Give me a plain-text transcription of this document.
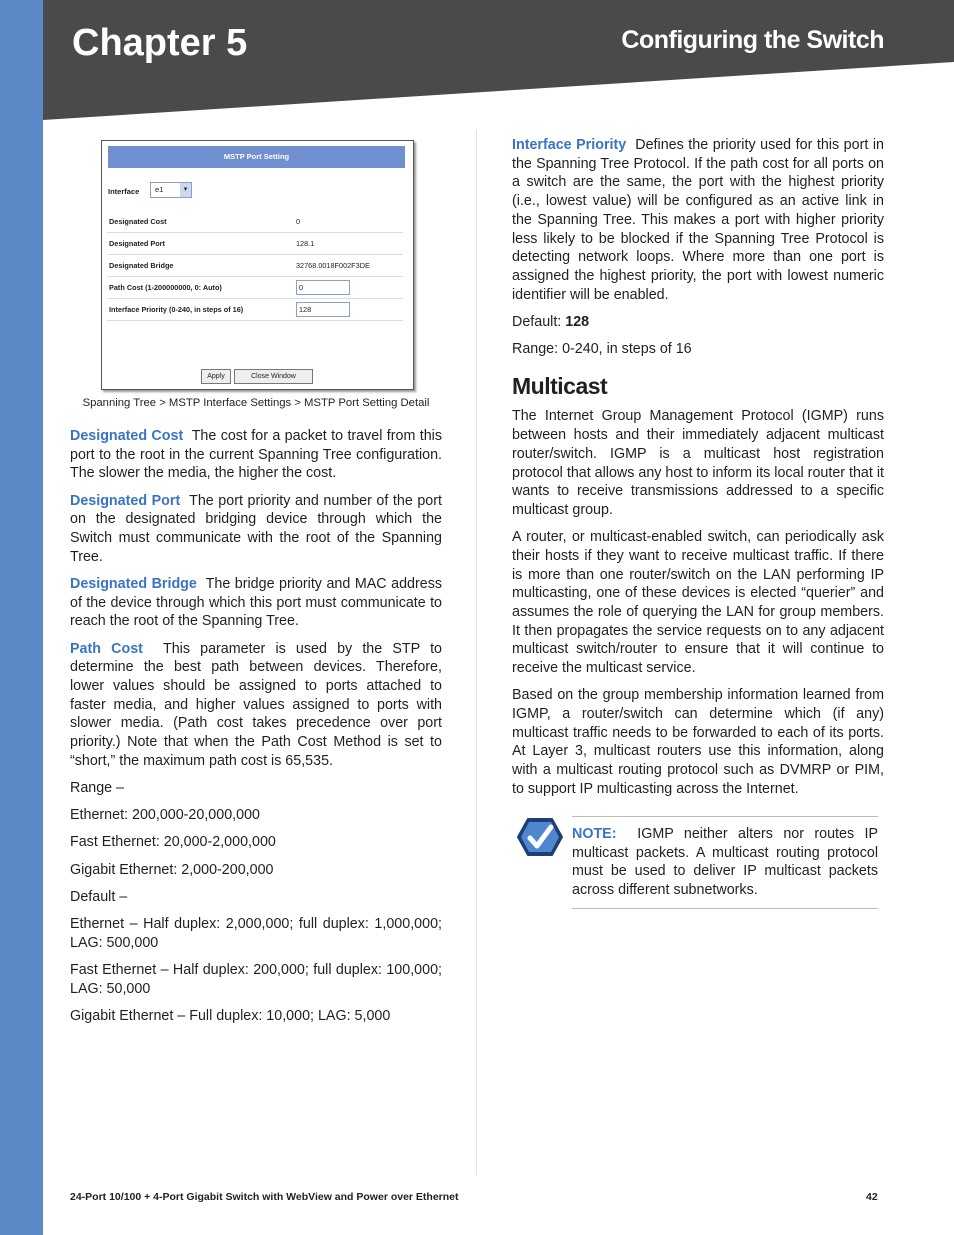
Chapter 5	Configuring the Switch
MSTP Port Setting
Interface e1	▾
Designated Cost	0
Designated Port	128.1
Designated Bridge	32768.0018F002F3DE
Path Cost (1-200000000, 0: Auto)	0
Interface Priority (0-240, in steps of 16)	128
Apply	Close Window
Spanning Tree > MSTP Interface Settings > MSTP Port Setting Detail

Designated Cost The cost for a packet to travel from this port to the root in the current Spanning Tree configuration. The slower the media, the higher the cost.

Designated Port The port priority and number of the port on the designated bridging device through which the Switch must communicate with the root of the Spanning Tree.

Designated Bridge The bridge priority and MAC address of the device through which this port must communicate to reach the root of the Spanning Tree.

Path Cost This parameter is used by the STP to determine the best path between devices. Therefore, lower values should be assigned to ports attached to faster media, and higher values assigned to ports with slower media. (Path cost takes precedence over port priority.) Note that when the Path Cost Method is set to “short,” the maximum path cost is 65,535.

Range –

Ethernet: 200,000-20,000,000

Fast Ethernet: 20,000-2,000,000

Gigabit Ethernet: 2,000-200,000

Default –

Ethernet – Half duplex: 2,000,000; full duplex: 1,000,000; LAG: 500,000

Fast Ethernet – Half duplex: 200,000; full duplex: 100,000; LAG: 50,000

Gigabit Ethernet – Full duplex: 10,000; LAG: 5,000

Interface Priority Defines the priority used for this port in the Spanning Tree Protocol. If the path cost for all ports on a switch are the same, the port with the highest priority (i.e., lowest value) will be configured as an active link in the Spanning Tree. This makes a port with higher priority less likely to be blocked if the Spanning Tree Protocol is detecting network loops. Where more than one port is assigned the highest priority, the port with lowest numeric identifier will be enabled.

Default: 128

Range: 0-240, in steps of 16

Multicast

The Internet Group Management Protocol (IGMP) runs between hosts and their immediately adjacent multicast router/switch. IGMP is a multicast host registration protocol that allows any host to inform its local router that it wants to receive transmissions addressed to a specific multicast group.

A router, or multicast-enabled switch, can periodically ask their hosts if they want to receive multicast traffic. If there is more than one router/switch on the LAN performing IP multicasting, one of these devices is elected “querier” and assumes the role of querying the LAN for group members. It then propagates the service requests on to any adjacent multicast switch/router to ensure that it will continue to receive the multicast service.

Based on the group membership information learned from IGMP, a router/switch can determine which (if any) multicast traffic needs to be forwarded to each of its ports. At Layer 3, multicast routers use this information, along with a multicast routing protocol such as DVMRP or PIM, to support IP multicasting across the Internet.

NOTE: IGMP neither alters nor routes IP multicast packets. A multicast routing protocol must be used to deliver IP multicast packets across different subnetworks.
24-Port 10/100 + 4-Port Gigabit Switch with WebView and Power over Ethernet	42
